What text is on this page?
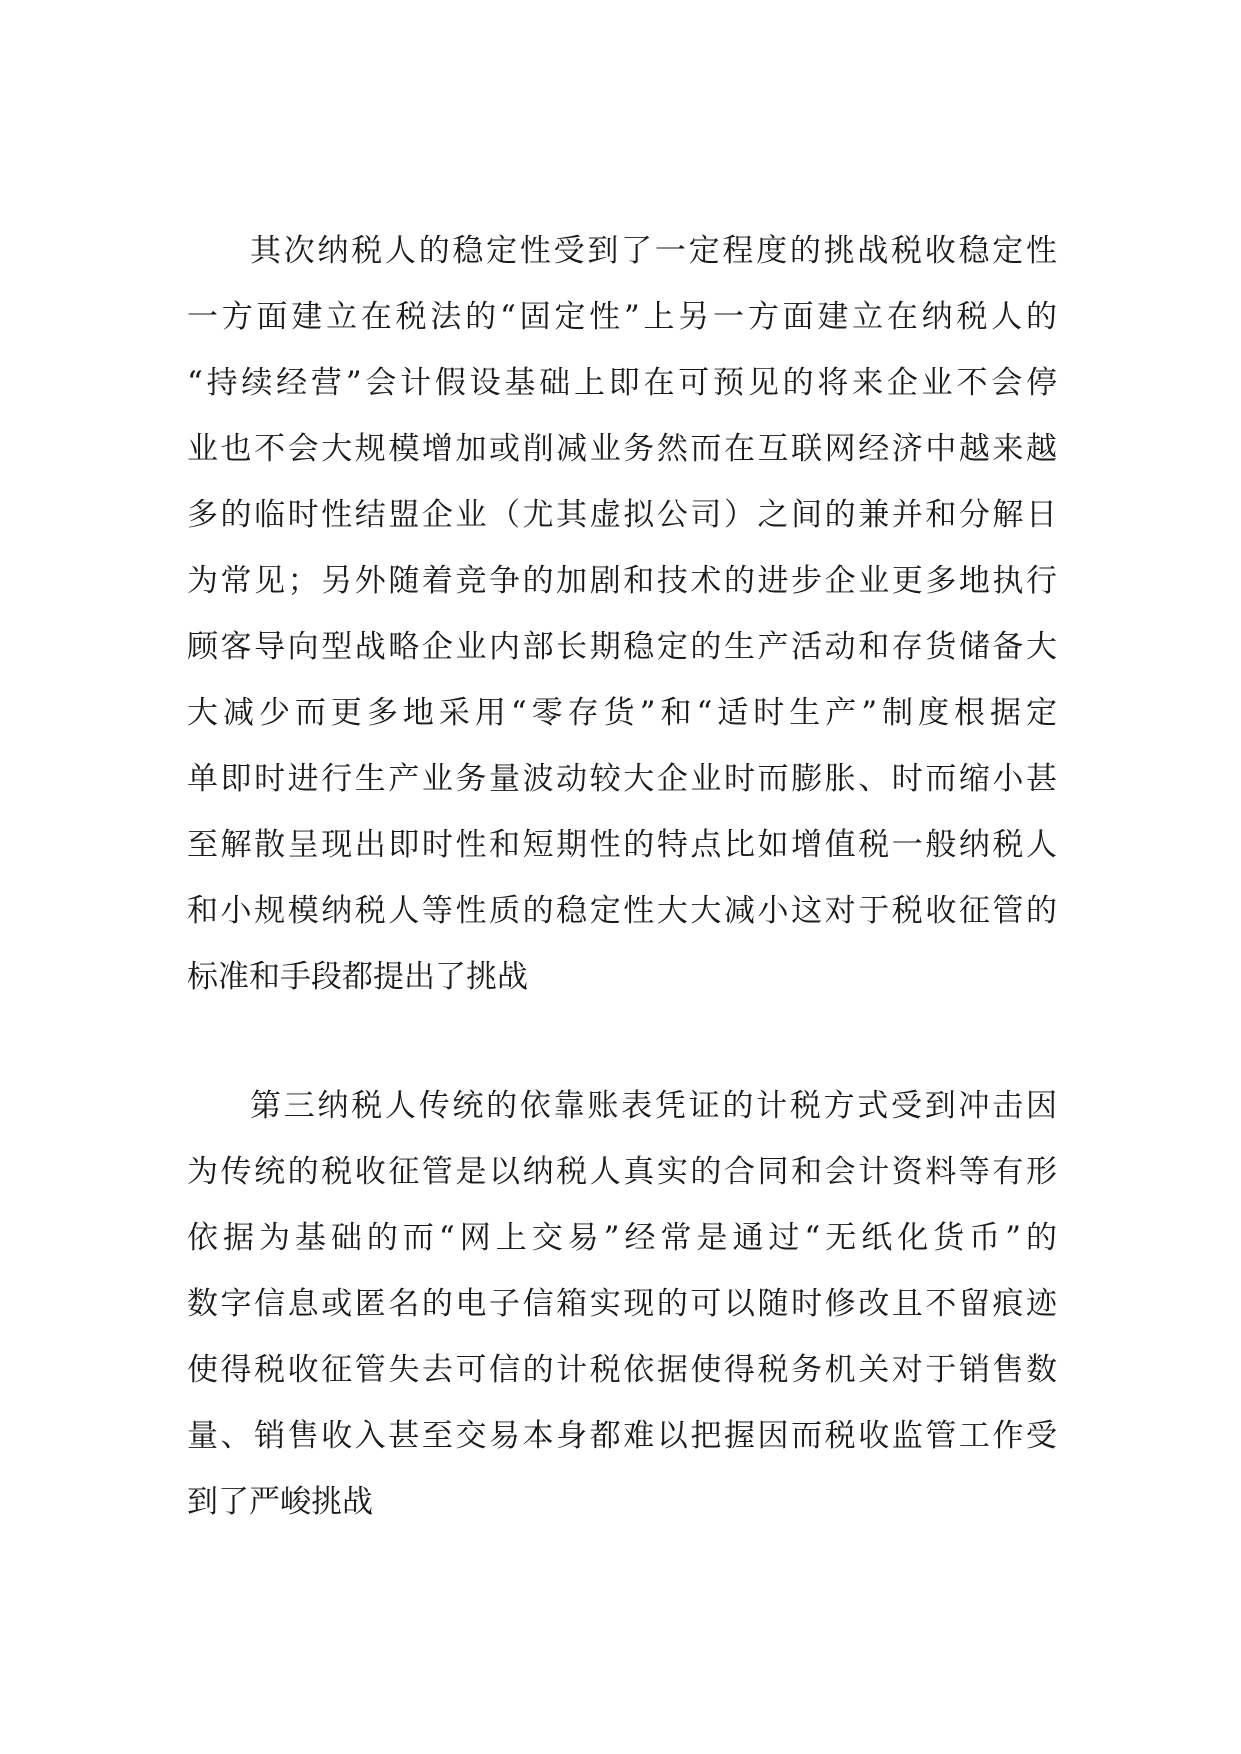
其次纳税人的稳定性受到了一定程度的挑战税收稳定性
一方面建立在税法的“固定性”上另一方面建立在纳税人的
“持续经营”会计假设基础上即在可预见的将来企业不会停
业也不会大规模增加或削减业务然而在互联网经济中越来越
多的临时性结盟企业（尤其虚拟公司）之间的兼并和分解日
为常见；另外随着竞争的加剧和技术的进步企业更多地执行
顾客导向型战略企业内部长期稳定的生产活动和存货储备大
大减少而更多地采用“零存货”和“适时生产”制度根据定
单即时进行生产业务量波动较大企业时而膨胀、时而缩小甚
至解散呈现出即时性和短期性的特点比如增值税一般纳税人
和小规模纳税人等性质的稳定性大大减小这对于税收征管的
标准和手段都提出了挑战
第三纳税人传统的依靠账表凭证的计税方式受到冲击因
为传统的税收征管是以纳税人真实的合同和会计资料等有形
依据为基础的而“网上交易”经常是通过“无纸化货币”的
数字信息或匿名的电子信箱实现的可以随时修改且不留痕迹
使得税收征管失去可信的计税依据使得税务机关对于销售数
量、销售收入甚至交易本身都难以把握因而税收监管工作受
到了严峻挑战
